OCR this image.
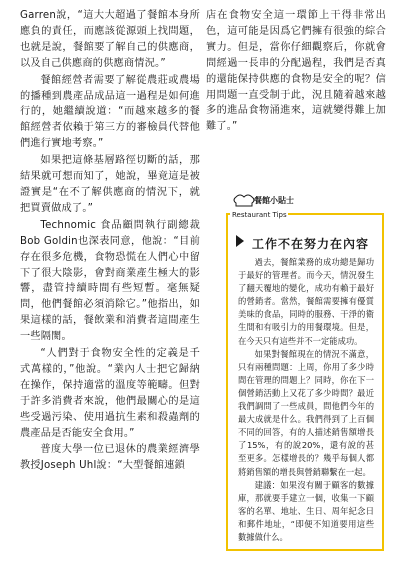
Garren說，“這大大超過了餐館本身所應負的責任，而應該從源頭上找問題，也就是說，餐館要了解自己的供應商，以及自己供應商的供應商情況。”

餐館經營者需要了解從農莊或農場的播種到農產品成品這一過程是如何進行的，她繼續說道：“而越來越多的餐館經營者依賴于第三方的審檢員代替他們進行實地考察。”

如果把這條基層路徑切斷的話，那結果就可想而知了，她說，畢竟這是被證實是“在不了解供應商的情況下，就把買賣做成了。”

Technomic 食品顧問執行副總裁Bob Goldin也深表同意，他說：“目前存在很多危機，食物恐慌在人們心中留下了很大陰影，會對商業產生極大的影響，盡管持續時間有些短暫。毫無疑問，他們餐館必須消除它。”他指出，如果這樣的話，餐飲業和消費者這間產生一些隔閡。

“人們對于食物安全性的定義是千式萬樣的，”他說。“業內人士把它歸納在操作，保持適當的溫度等範疇。但對于許多消費者來說，他們最關心的是這些受過污染、使用過抗生素和殺蟲劑的農產品是否能安全食用。”

普度大學一位已退休的農業經濟學教授Joseph Uhl說：“大型餐館連鎖

店在食物安全這一環節上干得非常出色，這可能是因爲它們擁有很強的綜合實力。但是，當你仔細觀察后，你就會問經過一長串的分配過程，我們是否真的還能保持供應的食物是安全的呢？信用問題一直受制于此，況且隨着越來越多的進品食物涌進來，這就變得難上加難了。”

工作不在努力在內容

過去，餐館業務的成功總是歸功于最好的管理者。而今天，情況發生了翻天覆地的變化，成功有賴于最好的營銷者。當然，餐館需要擁有優質美味的食品，同時的服務、干淨的衛生間和有吸引力的用餐環境。但是，在今天只有這些并不一定能成功。

如果對餐館現在的情況不滿意，只有兩種問題：上周，你用了多少時間在管理的問題上？同時，你在下一個營銷活動上又花了多少時間？最近我們調問了一些成員，問他們今年的最大成就是什么。我們得到了上百個不同的回答，有的人描述銷售額增長了15%，有的說20%，還有說的甚至更多。怎樣增長的？幾乎每個人都將銷售額的增長與營銷聯繫在一起。

建議：如果沒有關于顧客的數據庫，那就要手建立一個，收集一下顧客的名單、地址、生日、周年紀念日和郵件地址，“即便不知道要用這些數據做什么。

餐館小貼士
Restaurant Tips
